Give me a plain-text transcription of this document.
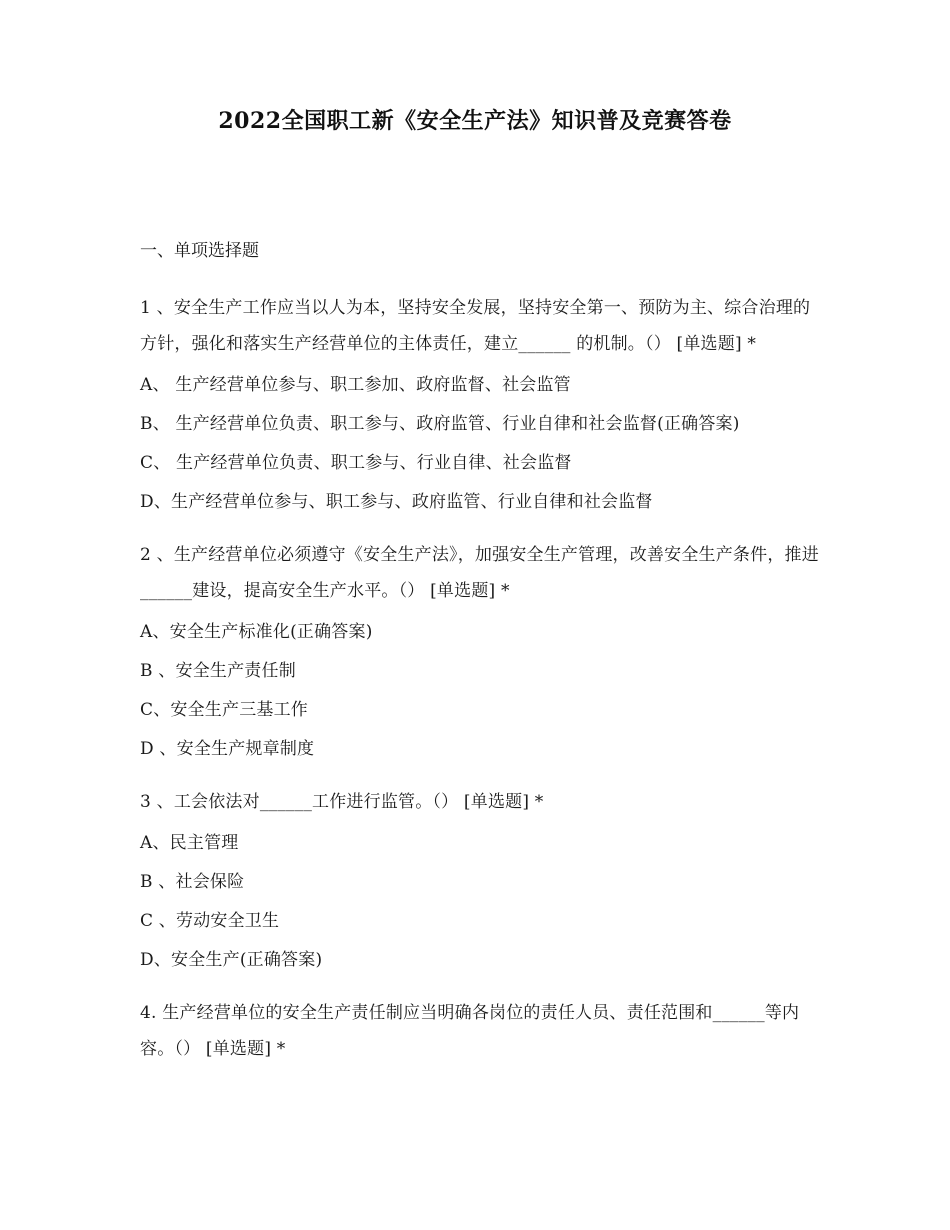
2022全国职工新《安全生产法》知识普及竞赛答卷
一、单项选择题

1 、安全生产工作应当以人为本，坚持安全发展，坚持安全第一、预防为主、综合治理的方针，强化和落实生产经营单位的主体责任，建立______ 的机制。（） [单选题] *

A、 生产经营单位参与、职工参加、政府监督、社会监管

B、 生产经营单位负责、职工参与、政府监管、行业自律和社会监督(正确答案)

C、 生产经营单位负责、职工参与、行业自律、社会监督

D、生产经营单位参与、职工参与、政府监管、行业自律和社会监督

2 、生产经营单位必须遵守《安全生产法》，加强安全生产管理，改善安全生产条件，推进______建设，提高安全生产水平。（） [单选题] *

A、安全生产标准化(正确答案)

B 、安全生产责任制

C、安全生产三基工作

D 、安全生产规章制度

3 、工会依法对______工作进行监管。（） [单选题] *

A、民主管理

B 、社会保险

C 、劳动安全卫生

D、安全生产(正确答案)

4. 生产经营单位的安全生产责任制应当明确各岗位的责任人员、责任范围和______等内容。（） [单选题] *
